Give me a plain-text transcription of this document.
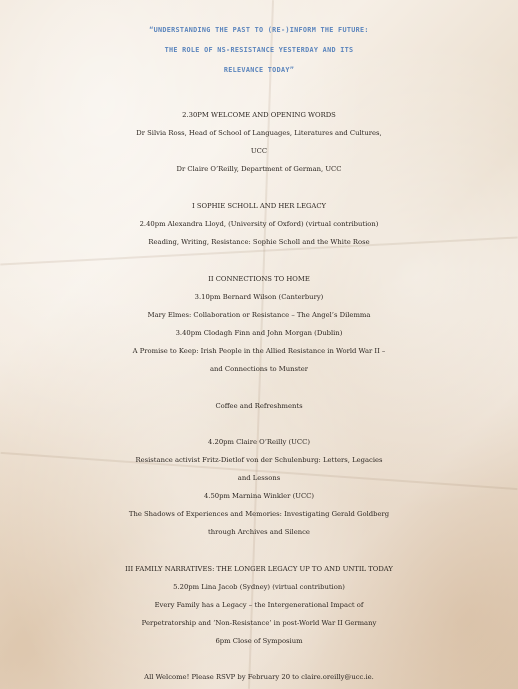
“UNDERSTANDING THE PAST TO (RE-)INFORM THE FUTURE:
THE ROLE OF NS-RESISTANCE YESTERDAY AND ITS
RELEVANCE TODAY”
2.30PM WELCOME AND OPENING WORDS
Dr Silvia Ross, Head of School of Languages, Literatures and Cultures,
UCC
Dr Claire O’Reilly, Department of German, UCC
I SOPHIE SCHOLL AND HER LEGACY
2.40pm Alexandra Lloyd, (University of Oxford) (virtual contribution)
Reading, Writing, Resistance: Sophie Scholl and the White Rose
II CONNECTIONS TO HOME
3.10pm Bernard Wilson (Canterbury)
Mary Elmes: Collaboration or Resistance – The Angel’s Dilemma
3.40pm Clodagh Finn and John Morgan (Dublin)
A Promise to Keep: Irish People in the Allied Resistance in World War II –
and Connections to Munster
Coffee and Refreshments
4.20pm Claire O’Reilly (UCC)
Resistance activist Fritz-Dietlof von der Schulenburg: Letters, Legacies
and Lessons
4.50pm Marnina Winkler (UCC)
The Shadows of Experiences and Memories: Investigating Gerald Goldberg
through Archives and Silence
III FAMILY NARRATIVES: THE LONGER LEGACY UP TO AND UNTIL TODAY
5.20pm Lina Jacob (Sydney) (virtual contribution)
Every Family has a Legacy – the Intergenerational Impact of
Perpetratorship and ‘Non-Resistance’ in post-World War II Germany
6pm Close of Symposium
All Welcome! Please RSVP by February 20 to claire.oreilly@ucc.ie.
